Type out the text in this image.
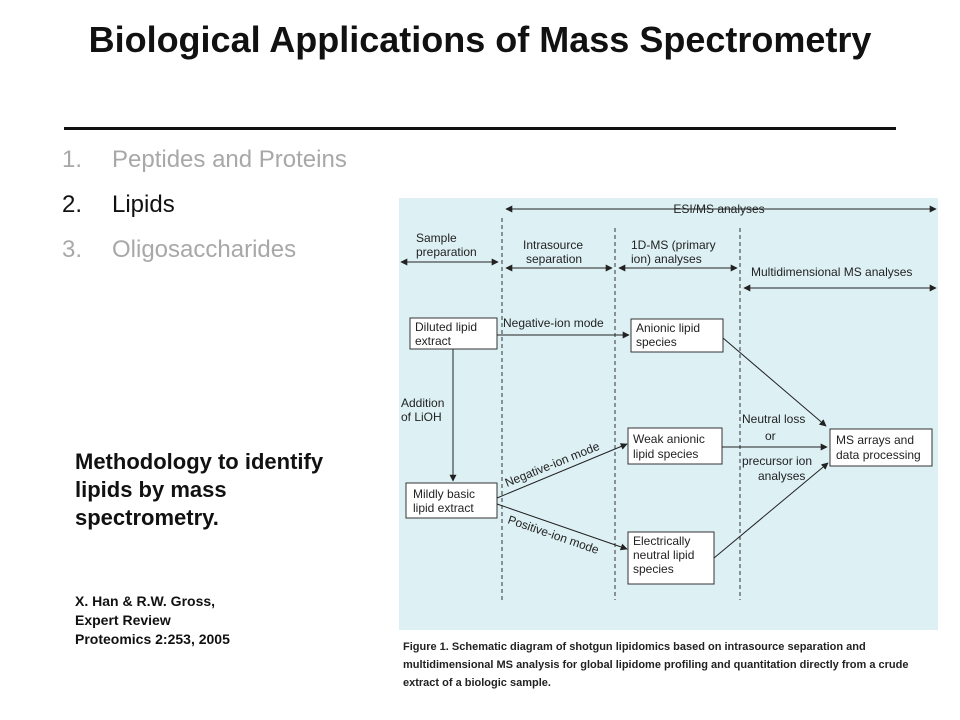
Biological Applications of Mass Spectrometry
1. Peptides and Proteins
2. Lipids
3. Oligosaccharides
Methodology to identify lipids by mass spectrometry.
X. Han & R.W. Gross,
Expert Review
Proteomics 2:253, 2005
ESI/MS analyses
Sample
preparation	Intrasource
separation
1D-MS (primary
ion) analyses
Multidimensional MS analyses
Diluted lipid
extract
Mildly basic
lipid extract
Anionic lipid
species
Weak anionic
lipid species
Electrically
neutral lipid
species
MS arrays and
data processing
Addition
of LiOH
Negative-ion mode
Negative-ion mode
Positive-ion mode
Neutral loss
or
precursor ion
analyses
Figure 1. Schematic diagram of shotgun lipidomics based on intrasource separation and multidimensional MS analysis for global lipidome profiling and quantitation directly from a crude extract of a biologic sample.
